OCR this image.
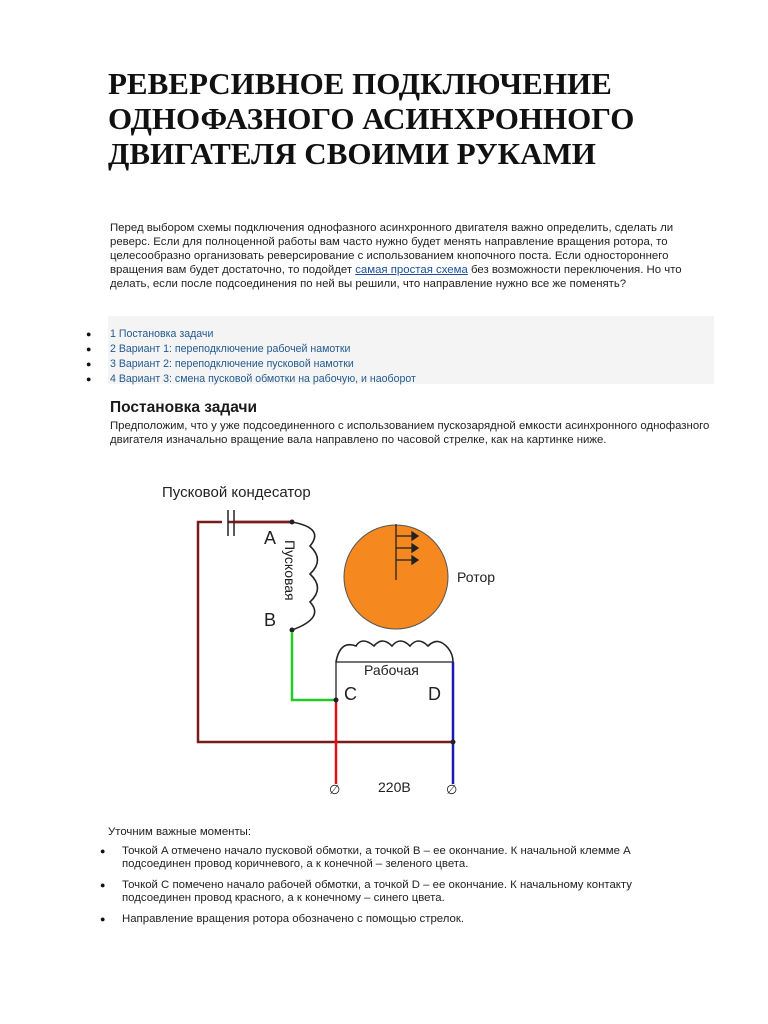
РЕВЕРСИВНОЕ ПОДКЛЮЧЕНИЕ
ОДНОФАЗНОГО АСИНХРОННОГО
ДВИГАТЕЛЯ СВОИМИ РУКАМИ

Перед выбором схемы подключения однофазного асинхронного двигателя важно определить, сделать ли реверс. Если для полноценной работы вам часто нужно будет менять направление вращения ротора, то целесообразно организовать реверсирование с использованием кнопочного поста. Если одностороннего вращения вам будет достаточно, то подойдет самая простая схема без возможности переключения. Но что делать, если после подсоединения по ней вы решили, что направление нужно все же поменять?

● 1 Постановка задачи
● 2 Вариант 1: переподключение рабочей намотки
● 3 Вариант 2: переподключение пусковой намотки
● 4 Вариант 3: смена пусковой обмотки на рабочую, и наоборот
Постановка задачи

Предположим, что у уже подсоединенного с использованием пускозарядной емкости асинхронного однофазного двигателя изначально вращение вала направлено по часовой стрелке, как на картинке ниже.

Пусковой кондесатор
A
B
Пусковая
Рабочая
C	D
∅	∅
220В
Ротор

Уточним важные моменты:

● Точкой A отмечено начало пусковой обмотки, а точкой B – ее окончание. К начальной клемме A
подсоединен провод коричневого, а к конечной – зеленого цвета.
● Точкой C помечено начало рабочей обмотки, а точкой D – ее окончание. К начальному контакту
подсоединен провод красного, а к конечному – синего цвета.
● Направление вращения ротора обозначено с помощью стрелок.
